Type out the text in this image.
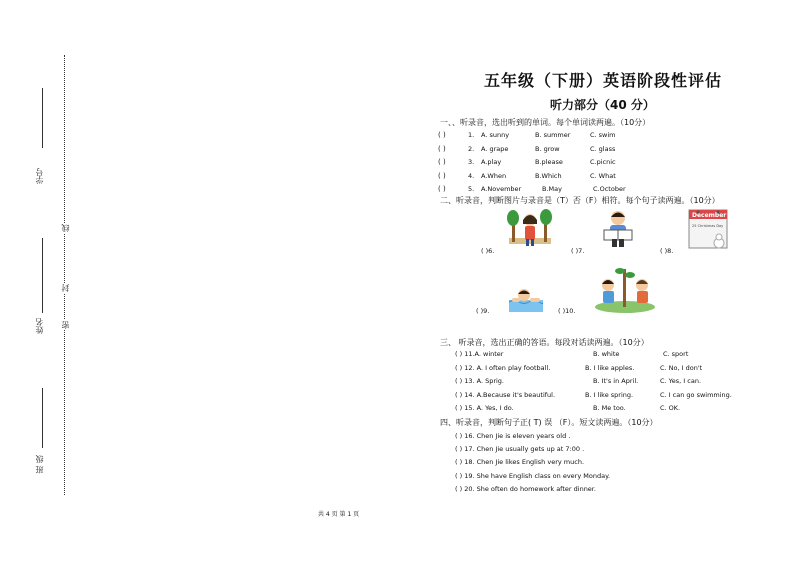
学号
线
封
姓名 密
班 级
五年级（下册）英语阶段性评估
听力部分（40 分）
一、、听录音，选出听到的单词。每个单词读两遍。（10分）
( )	1. A. sunny	B. summer	C. swim
( )	2. A. grape	B. grow	C. glass
( )	3. A.play	B.please	C.picnic
( )	4. A.When	B.Which	C. What
( )	5. A.November	B.May	C.October
二、听录音，判断图片与录音是（T）否（F）相符。每个句子读两遍。（10分）
( )6.	( )7.
December
25 Christmas Day
( )8.
( )9.	( )10.
三、 听录音，选出正确的答语。每段对话读两遍。（10分）
( ) 11.A. winter	B. white	C. sport
( ) 12. A. I often play football.	B. I like apples.	C. No, I don't
( ) 13. A. Sprig.	B. It's in April.	C. Yes, I can.
( ) 14. A.Because it's beautiful.	B. I like spring.	C. I can go swimming.
( ) 15. A. Yes, I do.	B. Me too.	C. OK.
四、听录音，判断句子正( T) 误 （F）。短文读两遍。（10分）
( ) 16. Chen Jie is eleven years old .
( ) 17. Chen Jie usually gets up at 7:00 .
( ) 18. Chen Jie likes English very much.
( ) 19. She have English class on every Monday.
( ) 20. She often do homework after dinner.
共 4 页 第 1 页
